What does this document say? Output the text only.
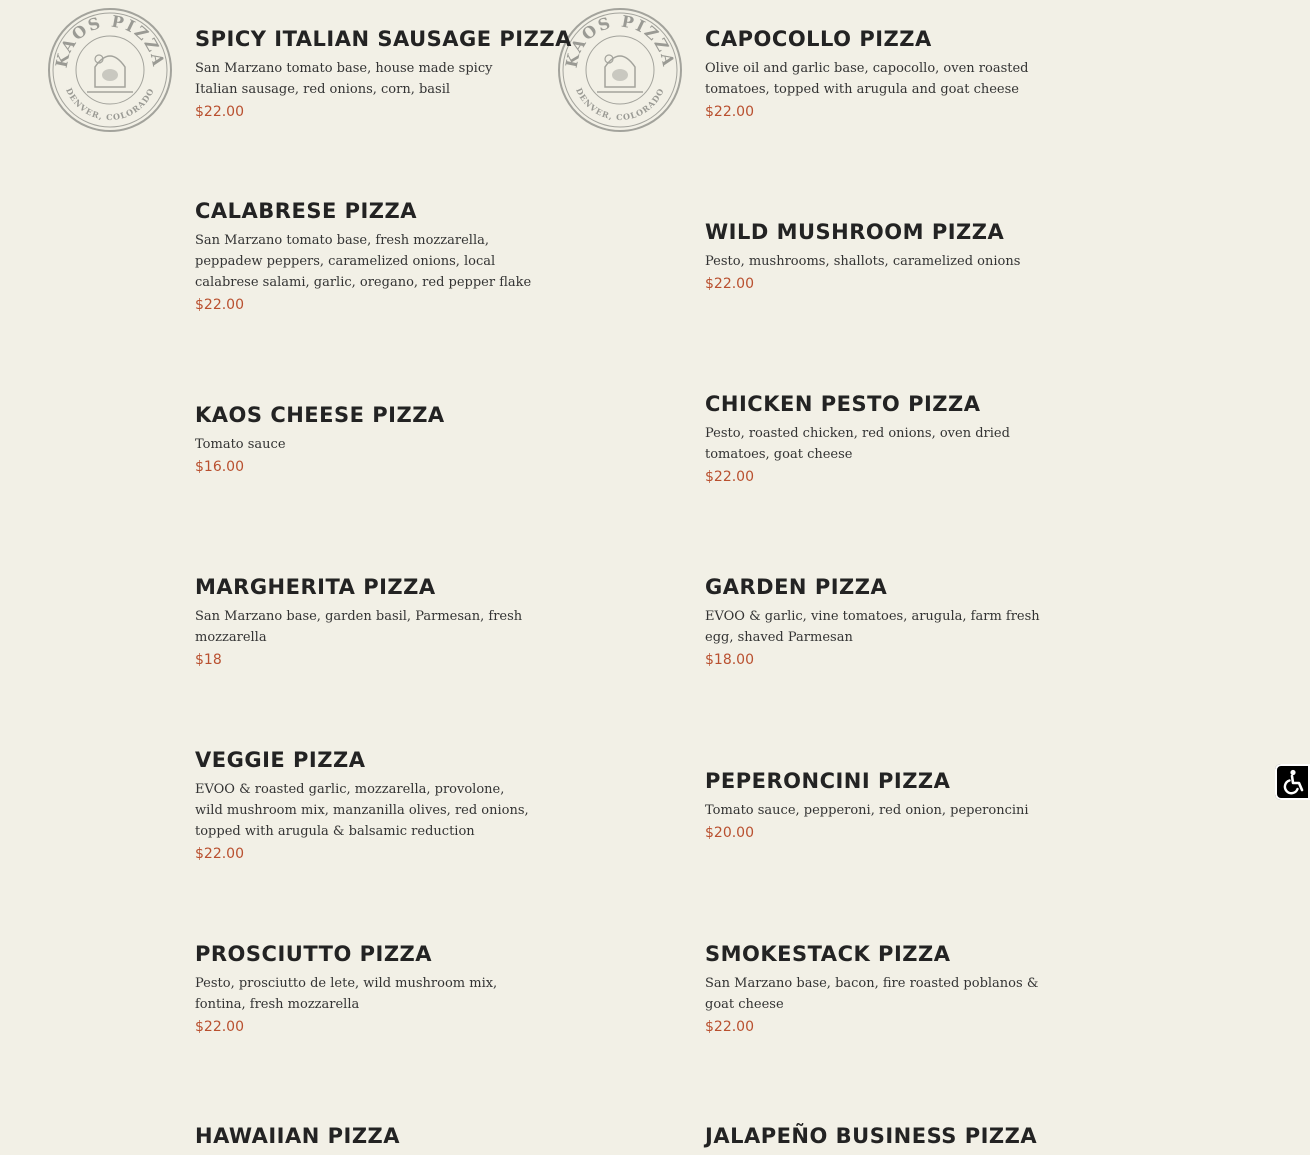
KAOS PIZZA
DENVER, COLORADO
KAOS PIZZA
DENVER, COLORADO
SPICY ITALIAN SAUSAGE PIZZA

San Marzano tomato base, house made spicy Italian sausage, red onions, corn, basil

$22.00
CALABRESE PIZZA

San Marzano tomato base, fresh mozzarella, peppadew peppers, caramelized onions, local calabrese salami, garlic, oregano, red pepper flake

$22.00
KAOS CHEESE PIZZA

Tomato sauce

$16.00
MARGHERITA PIZZA

San Marzano base, garden basil, Parmesan, fresh mozzarella

$18
VEGGIE PIZZA

EVOO & roasted garlic, mozzarella, provolone, wild mushroom mix, manzanilla olives, red onions, topped with arugula & balsamic reduction

$22.00
PROSCIUTTO PIZZA

Pesto, prosciutto de lete, wild mushroom mix, fontina, fresh mozzarella

$22.00
HAWAIIAN PIZZA
CAPOCOLLO PIZZA

Olive oil and garlic base, capocollo, oven roasted tomatoes, topped with arugula and goat cheese

$22.00
WILD MUSHROOM PIZZA

Pesto, mushrooms, shallots, caramelized onions

$22.00
CHICKEN PESTO PIZZA

Pesto, roasted chicken, red onions, oven dried tomatoes, goat cheese

$22.00
GARDEN PIZZA

EVOO & garlic, vine tomatoes, arugula, farm fresh egg, shaved Parmesan

$18.00
PEPERONCINI PIZZA

Tomato sauce, pepperoni, red onion, peperoncini

$20.00
SMOKESTACK PIZZA

San Marzano base, bacon, fire roasted poblanos & goat cheese

$22.00
JALAPEÑO BUSINESS PIZZA
